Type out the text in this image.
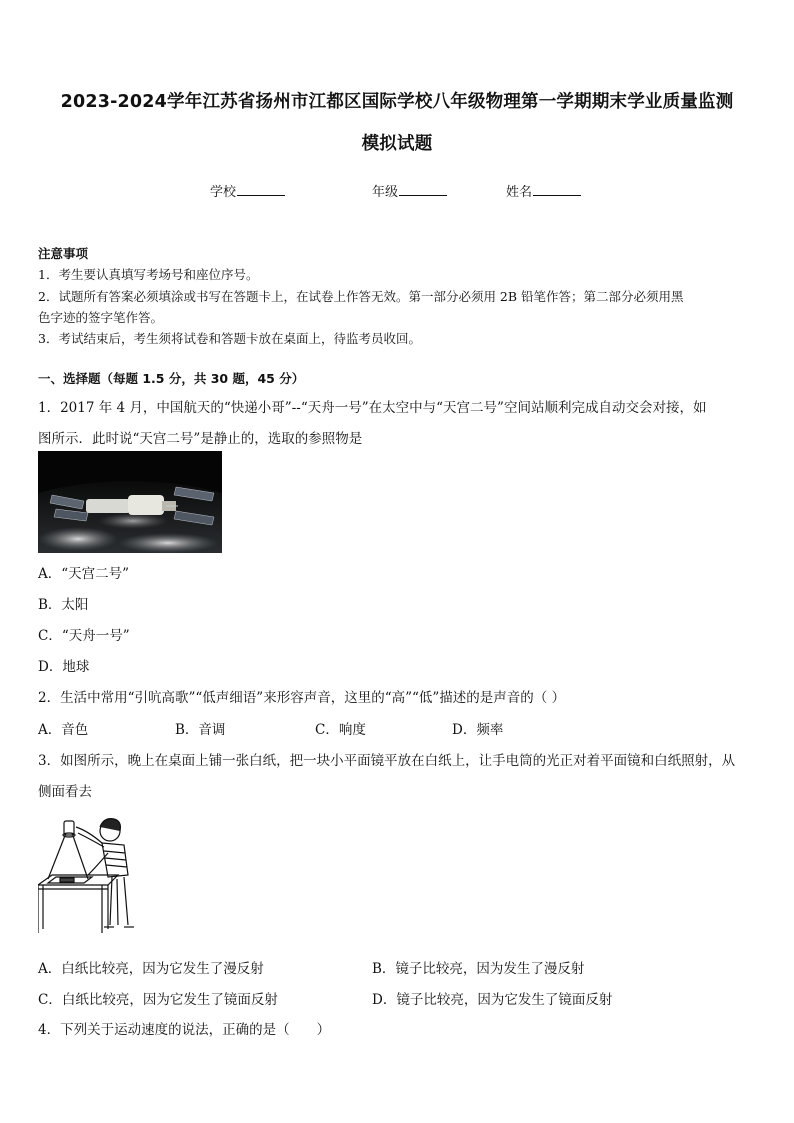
2023-2024学年江苏省扬州市江都区国际学校八年级物理第一学期期末学业质量监测
模拟试题
学校	年级	姓名
注意事项
1．考生要认真填写考场号和座位序号。
2．试题所有答案必须填涂或书写在答题卡上，在试卷上作答无效。第一部分必须用 2B 铅笔作答；第二部分必须用黑
色字迹的签字笔作答。
3．考试结束后，考生须将试卷和答题卡放在桌面上，待监考员收回。
一、选择题（每题 1.5 分，共 30 题，45 分）
1．2017 年 4 月，中国航天的“快递小哥”--“天舟一号”在太空中与“天宫二号”空间站顺利完成自动交会对接，如
图所示．此时说“天宫二号”是静止的，选取的参照物是
A．“天宫二号”
B．太阳
C．“天舟一号”
D．地球
2．生活中常用“引吭高歌”“低声细语”来形容声音，这里的“高”“低”描述的是声音的（ ）
A．音色	B．音调	C．响度	D．频率
3．如图所示，晚上在桌面上铺一张白纸，把一块小平面镜平放在白纸上，让手电筒的光正对着平面镜和白纸照射，从
侧面看去
A．白纸比较亮，因为它发生了漫反射	B．镜子比较亮，因为发生了漫反射
C．白纸比较亮，因为它发生了镜面反射	D．镜子比较亮，因为它发生了镜面反射
4．下列关于运动速度的说法，正确的是（　　）
